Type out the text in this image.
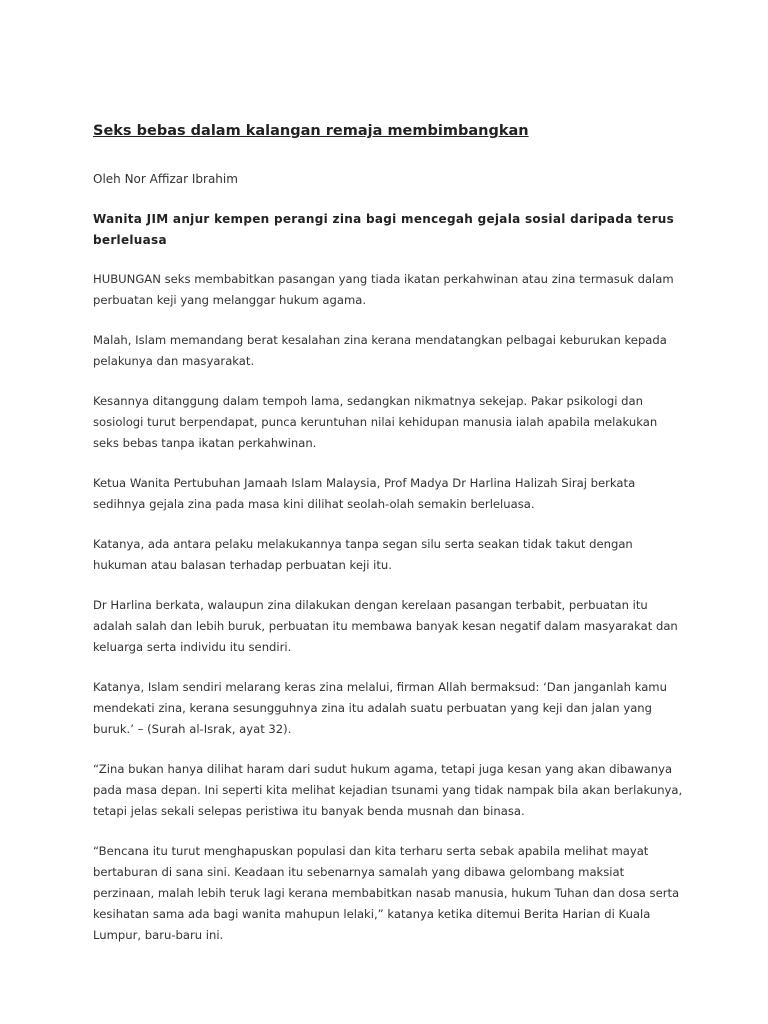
Seks bebas dalam kalangan remaja membimbangkan
Oleh Nor Affizar Ibrahim
Wanita JIM anjur kempen perangi zina bagi mencegah gejala sosial daripada terus berleluasa

HUBUNGAN seks membabitkan pasangan yang tiada ikatan perkahwinan atau zina termasuk dalam perbuatan keji yang melanggar hukum agama.

Malah, Islam memandang berat kesalahan zina kerana mendatangkan pelbagai keburukan kepada pelakunya dan masyarakat.

Kesannya ditanggung dalam tempoh lama, sedangkan nikmatnya sekejap. Pakar psikologi dan sosiologi turut berpendapat, punca keruntuhan nilai kehidupan manusia ialah apabila melakukan seks bebas tanpa ikatan perkahwinan.

Ketua Wanita Pertubuhan Jamaah Islam Malaysia, Prof Madya Dr Harlina Halizah Siraj berkata sedihnya gejala zina pada masa kini dilihat seolah-olah semakin berleluasa.

Katanya, ada antara pelaku melakukannya tanpa segan silu serta seakan tidak takut dengan hukuman atau balasan terhadap perbuatan keji itu.

Dr Harlina berkata, walaupun zina dilakukan dengan kerelaan pasangan terbabit, perbuatan itu adalah salah dan lebih buruk, perbuatan itu membawa banyak kesan negatif dalam masyarakat dan keluarga serta individu itu sendiri.

Katanya, Islam sendiri melarang keras zina melalui, firman Allah bermaksud: ‘Dan janganlah kamu mendekati zina, kerana sesungguhnya zina itu adalah suatu perbuatan yang keji dan jalan yang buruk.’ – (Surah al-Israk, ayat 32).

“Zina bukan hanya dilihat haram dari sudut hukum agama, tetapi juga kesan yang akan dibawanya pada masa depan. Ini seperti kita melihat kejadian tsunami yang tidak nampak bila akan berlakunya, tetapi jelas sekali selepas peristiwa itu banyak benda musnah dan binasa.

“Bencana itu turut menghapuskan populasi dan kita terharu serta sebak apabila melihat mayat bertaburan di sana sini. Keadaan itu sebenarnya samalah yang dibawa gelombang maksiat perzinaan, malah lebih teruk lagi kerana membabitkan nasab manusia, hukum Tuhan dan dosa serta kesihatan sama ada bagi wanita mahupun lelaki,” katanya ketika ditemui Berita Harian di Kuala Lumpur, baru-baru ini.
